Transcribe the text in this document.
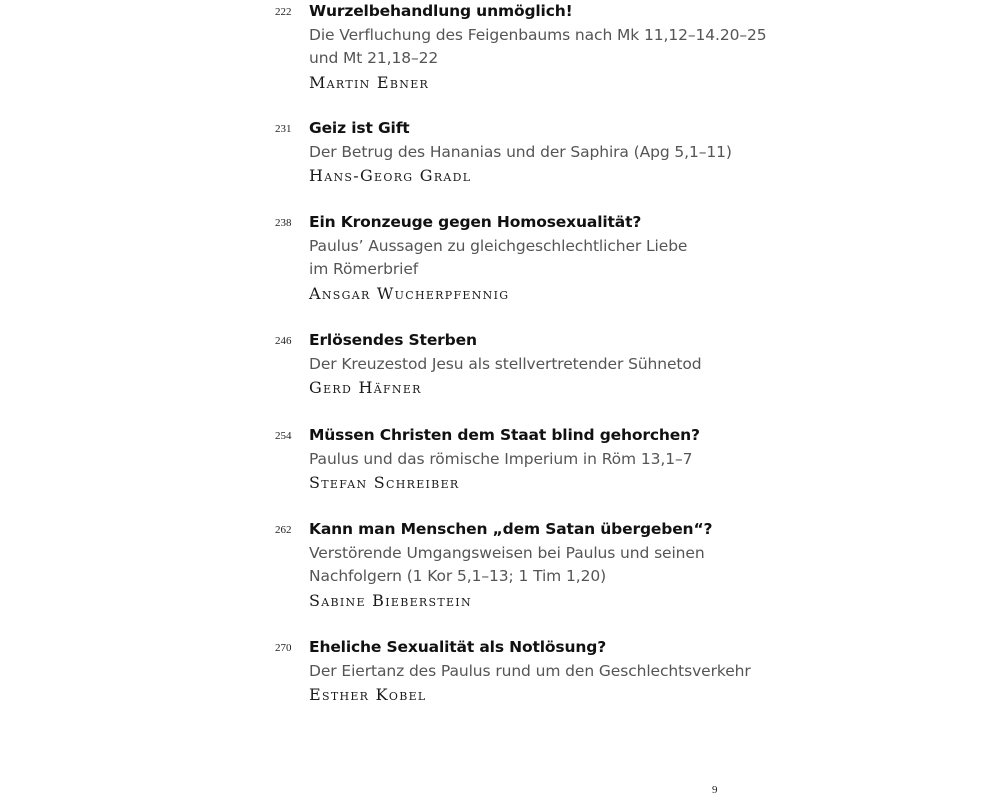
222	Wurzelbehandlung unmöglich!
Die Verfluchung des Feigenbaums nach Mk 11,12–14.20–25
und Mt 21,18–22
Martin Ebner
231	Geiz ist Gift
Der Betrug des Hananias und der Saphira (Apg 5,1–11)
Hans-Georg Gradl
238	Ein Kronzeuge gegen Homosexualität?
Paulus’ Aussagen zu gleichgeschlechtlicher Liebe
im Römerbrief
Ansgar Wucherpfennig
246	Erlösendes Sterben
Der Kreuzestod Jesu als stellvertretender Sühnetod
Gerd Häfner
254	Müssen Christen dem Staat blind gehorchen?
Paulus und das römische Imperium in Röm 13,1–7
Stefan Schreiber
262	Kann man Menschen „dem Satan übergeben“?
Verstörende Umgangsweisen bei Paulus und seinen
Nachfolgern (1 Kor 5,1–13; 1 Tim 1,20)
Sabine Bieberstein
270	Eheliche Sexualität als Notlösung?
Der Eiertanz des Paulus rund um den Geschlechtsverkehr
Esther Kobel
9
